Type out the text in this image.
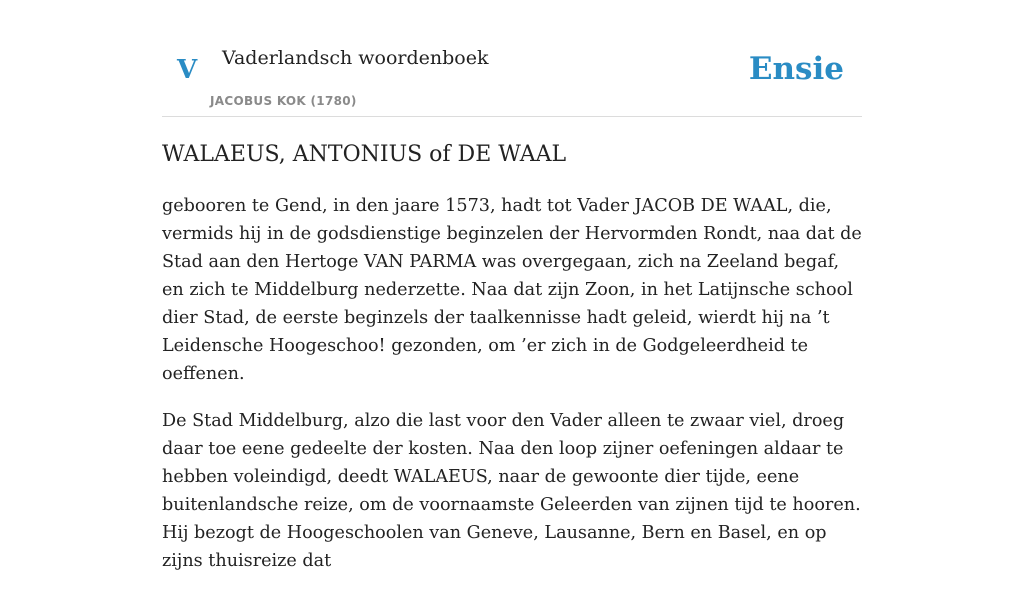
V Vaderlandsch woordenboek
JACOBUS KOK (1780)
Ensie
WALAEUS, ANTONIUS of DE WAAL

gebooren te Gend, in den jaare 1573, hadt tot Vader JACOB DE WAAL, die, vermids hij in de godsdienstige beginzelen der Hervormden Rondt, naa dat de Stad aan den Hertoge VAN PARMA was overgegaan, zich na Zeeland begaf, en zich te Middelburg nederzette. Naa dat zijn Zoon, in het Latijnsche school dier Stad, de eerste beginzels der taalkennisse hadt geleid, wierdt hij na ’t Leidensche Hoogeschoo! gezonden, om ’er zich in de Godgeleerdheid te oeffenen.

De Stad Middelburg, alzo die last voor den Vader alleen te zwaar viel, droeg daar toe eene gedeelte der kosten. Naa den loop zijner oefeningen aldaar te hebben voleindigd, deedt WALAEUS, naar de gewoonte dier tijde, eene buitenlandsche reize, om de voornaamste Geleerden van zijnen tijd te hooren. Hij bezogt de Hoogeschoolen van Geneve, Lausanne, Bern en Basel, en op zijns thuisreize dat
